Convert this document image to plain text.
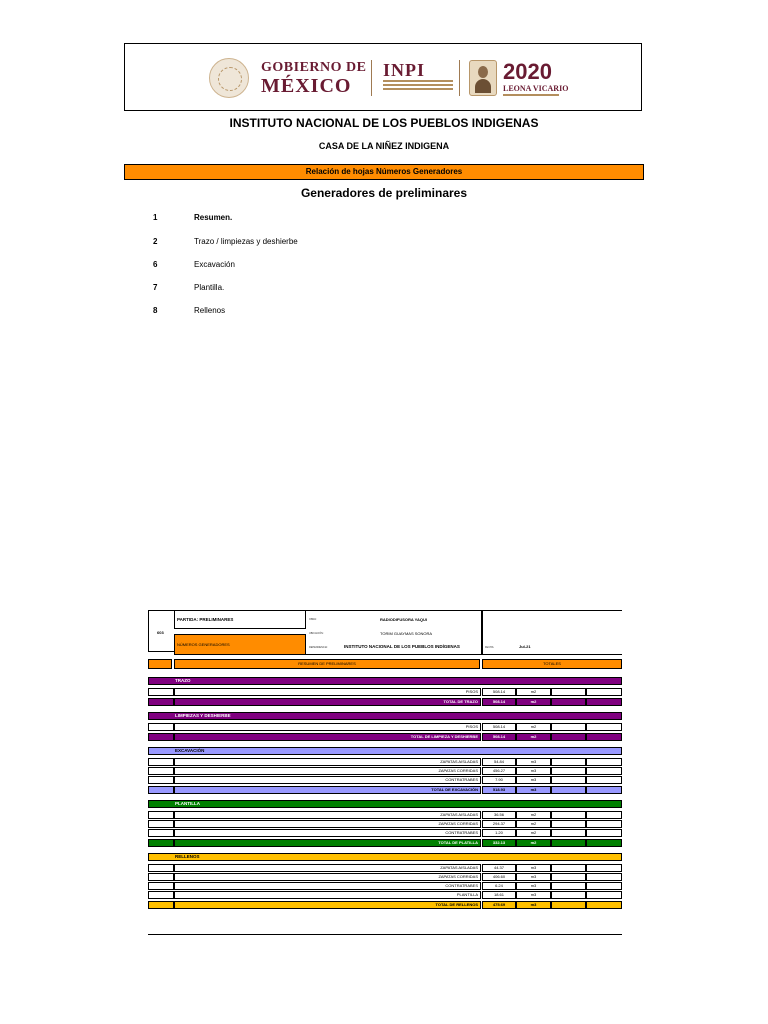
GOBIERNO DE
MÉXICO
INPI	2020
LEONA VICARIO
INSTITUTO NACIONAL DE LOS PUEBLOS INDIGENAS
CASA DE LA NIÑEZ INDIGENA
Relación de hojas Números Generadores
Generadores de preliminares
1	Resumen.
2	Trazo / limpiezas y deshierbe
6	Excavación
7	Plantilla.
8	Rellenos
603
PARTIDA: PRELIMINARES
NÚMEROS GENERADORES
OBRA:	RADIODIFUSORA YAQUI
UBICACIÓN:	TORIM GUAYMAS SONORA
DEPENDENCIA:	INSTITUTO NACIONAL DE LOS PUEBLOS INDÍGENAS	FECHA:	Jul-21
RESUMEN DE PRELIMINARES	TOTALES
TRAZO
PISOS	508.14	m2
TOTAL DE TRAZO	508.14	m2
LIMPIEZAS Y DESHIERBE
PISOS	508.14	m2
TOTAL DE LIMPIEZA Y DESHIERBE	508.14	m2
EXCAVACIÓN
ZAPATAS AISLADAS	54.84	m3
ZAPATAS CORRIDAS	456.27	m3
CONTRATRABES	7.90	m3
TOTAL DE EXCAVACIÓN	518.93	m3
PLANTILLA
ZAPATAS AISLADAS	36.56	m2
ZAPATAS CORRIDAS	294.37	m2
CONTRATRABES	1.20	m2
TOTAL DE PLATILLA	332.13	m2
RELLENOS
ZAPATAS AISLADAS	44.37	m3
ZAPATAS CORRIDAS	406.60	m3
CONTRATRABES	6.24	m3
PLANTILLA	18.61	m3
TOTAL DE RELLENOS	475.69	m3
